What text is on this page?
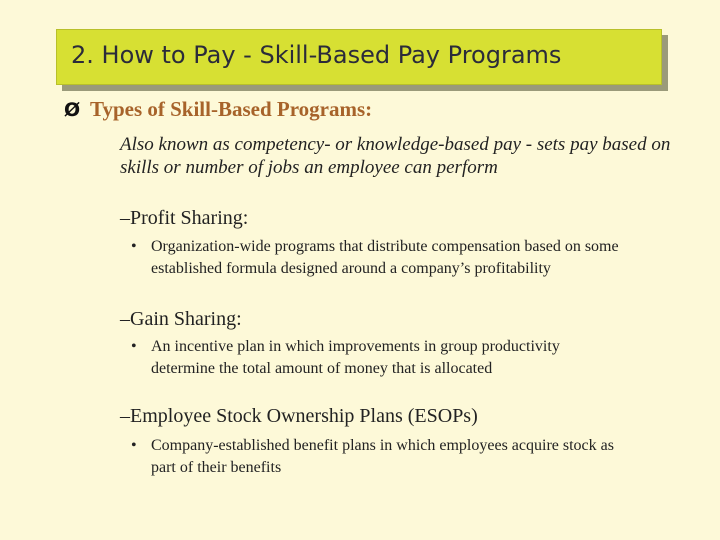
2. How to Pay - Skill-Based Pay Programs
Ø Types of Skill-Based Programs:
Also known as competency- or knowledge-based pay - sets pay based on skills or number of jobs an employee can perform
–Profit Sharing:
• Organization-wide programs that distribute compensation based on some established formula designed around a company’s profitability
–Gain Sharing:
• An incentive plan in which improvements in group productivity determine the total amount of money that is allocated
–Employee Stock Ownership Plans (ESOPs)
• Company-established benefit plans in which employees acquire stock as part of their benefits
